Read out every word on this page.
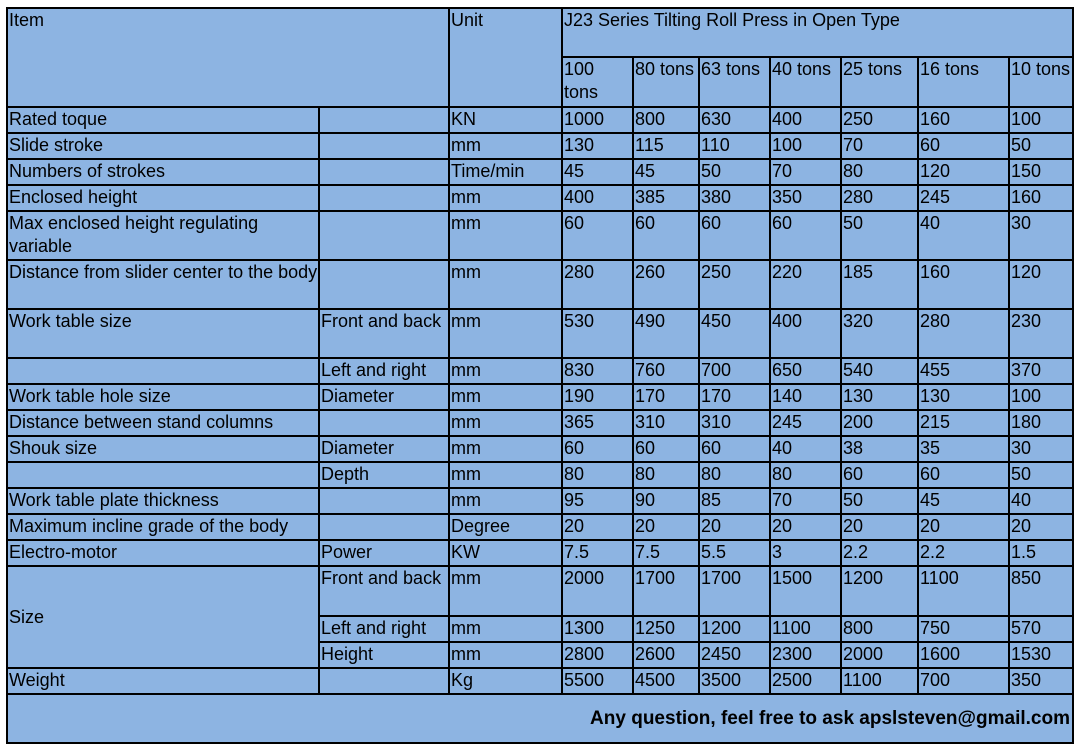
Item		Unit	J23 Series Tilting Roll Press in Open Type						
			100 tons	80 tons	63 tons	40 tons	25 tons	16 tons	10 tons
Rated toque		KN	1000	800	630	400	250	160	100
Slide stroke		mm	130	115	110	100	70	60	50
Numbers of strokes		Time/min	45	45	50	70	80	120	150
Enclosed height		mm	400	385	380	350	280	245	160
Max enclosed height regulating variable		mm	60	60	60	60	50	40	30
Distance from slider center to the body		mm	280	260	250	220	185	160	120
Work table size	Front and back	mm	530	490	450	400	320	280	230
	Left and right	mm	830	760	700	650	540	455	370
Work table hole size	Diameter	mm	190	170	170	140	130	130	100
Distance between stand columns		mm	365	310	310	245	200	215	180
Shouk size	Diameter	mm	60	60	60	40	38	35	30
	Depth	mm	80	80	80	80	60	60	50
Work table plate thickness		mm	95	90	85	70	50	45	40
Maximum incline grade of the body		Degree	20	20	20	20	20	20	20
Electro-motor	Power	KW	7.5	7.5	5.5	3	2.2	2.2	1.5
Size	Front and back	mm	2000	1700	1700	1500	1200	1100	850
	Left and right	mm	1300	1250	1200	1100	800	750	570
	Height	mm	2800	2600	2450	2300	2000	1600	1530
Weight		Kg	5500	4500	3500	2500	1100	700	350
Any question, feel free to ask apslsteven@gmail.com									
